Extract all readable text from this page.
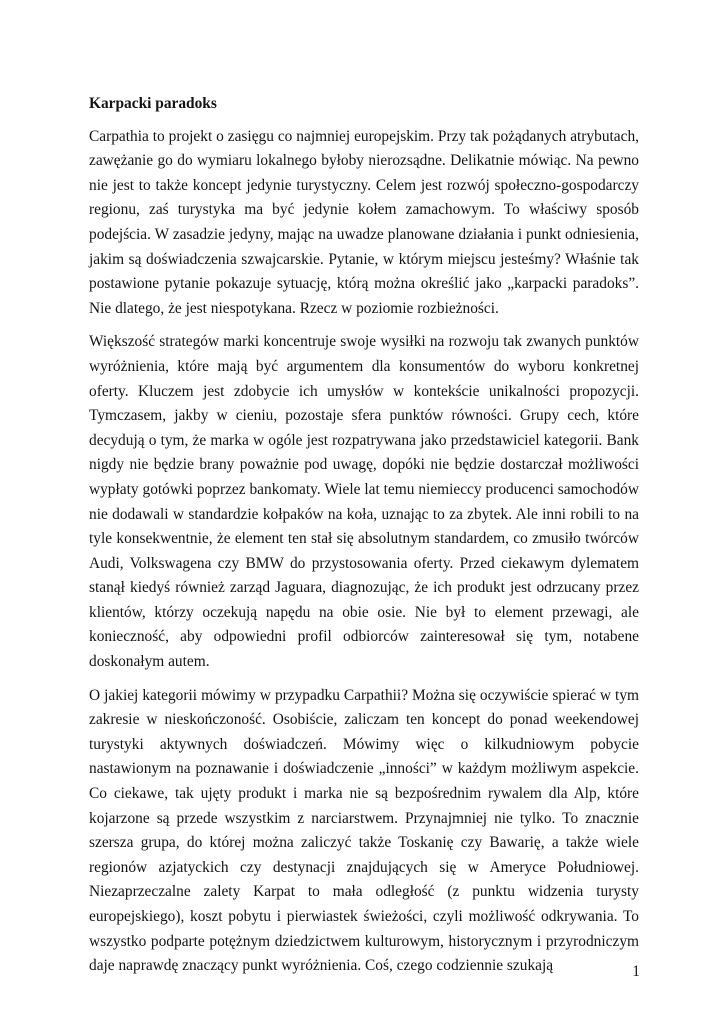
Karpacki paradoks

Carpathia to projekt o zasięgu co najmniej europejskim. Przy tak pożądanych atrybutach, zawężanie go do wymiaru lokalnego byłoby nierozsądne. Delikatnie mówiąc. Na pewno nie jest to także koncept jedynie turystyczny. Celem jest rozwój społeczno-gospodarczy regionu, zaś turystyka ma być jedynie kołem zamachowym. To właściwy sposób podejścia. W zasadzie jedyny, mając na uwadze planowane działania i punkt odniesienia, jakim są doświadczenia szwajcarskie. Pytanie, w którym miejscu jesteśmy? Właśnie tak postawione pytanie pokazuje sytuację, którą można określić jako „karpacki paradoks”. Nie dlatego, że jest niespotykana. Rzecz w poziomie rozbieżności.

Większość strategów marki koncentruje swoje wysiłki na rozwoju tak zwanych punktów wyróżnienia, które mają być argumentem dla konsumentów do wyboru konkretnej oferty. Kluczem jest zdobycie ich umysłów w kontekście unikalności propozycji. Tymczasem, jakby w cieniu, pozostaje sfera punktów równości. Grupy cech, które decydują o tym, że marka w ogóle jest rozpatrywana jako przedstawiciel kategorii. Bank nigdy nie będzie brany poważnie pod uwagę, dopóki nie będzie dostarczał możliwości wypłaty gotówki poprzez bankomaty. Wiele lat temu niemieccy producenci samochodów nie dodawali w standardzie kołpaków na koła, uznając to za zbytek. Ale inni robili to na tyle konsekwentnie, że element ten stał się absolutnym standardem, co zmusiło twórców Audi, Volkswagena czy BMW do przystosowania oferty. Przed ciekawym dylematem stanął kiedyś również zarząd Jaguara, diagnozując, że ich produkt jest odrzucany przez klientów, którzy oczekują napędu na obie osie. Nie był to element przewagi, ale konieczność, aby odpowiedni profil odbiorców zainteresował się tym, notabene doskonałym autem.

O jakiej kategorii mówimy w przypadku Carpathii? Można się oczywiście spierać w tym zakresie w nieskończoność. Osobiście, zaliczam ten koncept do ponad weekendowej turystyki aktywnych doświadczeń. Mówimy więc o kilkudniowym pobycie nastawionym na poznawanie i doświadczenie „inności” w każdym możliwym aspekcie. Co ciekawe, tak ujęty produkt i marka nie są bezpośrednim rywalem dla Alp, które kojarzone są przede wszystkim z narciarstwem. Przynajmniej nie tylko. To znacznie szersza grupa, do której można zaliczyć także Toskanię czy Bawarię, a także wiele regionów azjatyckich czy destynacji znajdujących się w Ameryce Południowej. Niezaprzeczalne zalety Karpat to mała odległość (z punktu widzenia turysty europejskiego), koszt pobytu i pierwiastek świeżości, czyli możliwość odkrywania. To wszystko podparte potężnym dziedzictwem kulturowym, historycznym i przyrodniczym daje naprawdę znaczący punkt wyróżnienia. Coś, czego codziennie szukają	1
